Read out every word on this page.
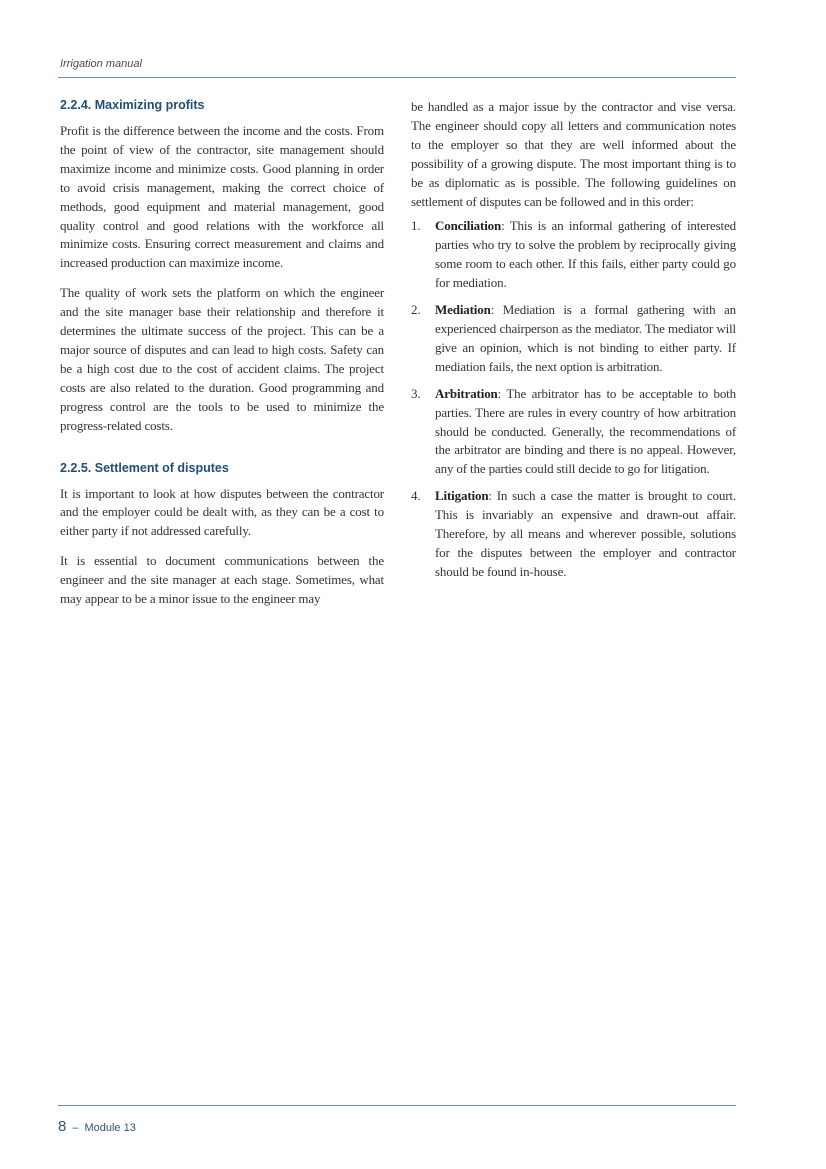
Irrigation manual
2.2.4. Maximizing profits

Profit is the difference between the income and the costs. From the point of view of the contractor, site management should maximize income and minimize costs. Good planning in order to avoid crisis management, making the correct choice of methods, good equipment and material management, good quality control and good relations with the workforce all minimize costs. Ensuring correct measurement and claims and increased production can maximize income.

The quality of work sets the platform on which the engineer and the site manager base their relationship and therefore it determines the ultimate success of the project. This can be a major source of disputes and can lead to high costs. Safety can be a high cost due to the cost of accident claims. The project costs are also related to the duration. Good programming and progress control are the tools to be used to minimize the progress-related costs.

2.2.5. Settlement of disputes

It is important to look at how disputes between the contractor and the employer could be dealt with, as they can be a cost to either party if not addressed carefully.

It is essential to document communications between the engineer and the site manager at each stage. Sometimes, what may appear to be a minor issue to the engineer may

be handled as a major issue by the contractor and vise versa. The engineer should copy all letters and communication notes to the employer so that they are well informed about the possibility of a growing dispute. The most important thing is to be as diplomatic as is possible. The following guidelines on settlement of disputes can be followed and in this order:

1. Conciliation: This is an informal gathering of interested parties who try to solve the problem by reciprocally giving some room to each other. If this fails, either party could go for mediation.
2. Mediation: Mediation is a formal gathering with an experienced chairperson as the mediator. The mediator will give an opinion, which is not binding to either party. If mediation fails, the next option is arbitration.
3. Arbitration: The arbitrator has to be acceptable to both parties. There are rules in every country of how arbitration should be conducted. Generally, the recommendations of the arbitrator are binding and there is no appeal. However, any of the parties could still decide to go for litigation.
4. Litigation: In such a case the matter is brought to court. This is invariably an expensive and drawn-out affair. Therefore, by all means and wherever possible, solutions for the disputes between the employer and contractor should be found in-house.
8 – Module 13
